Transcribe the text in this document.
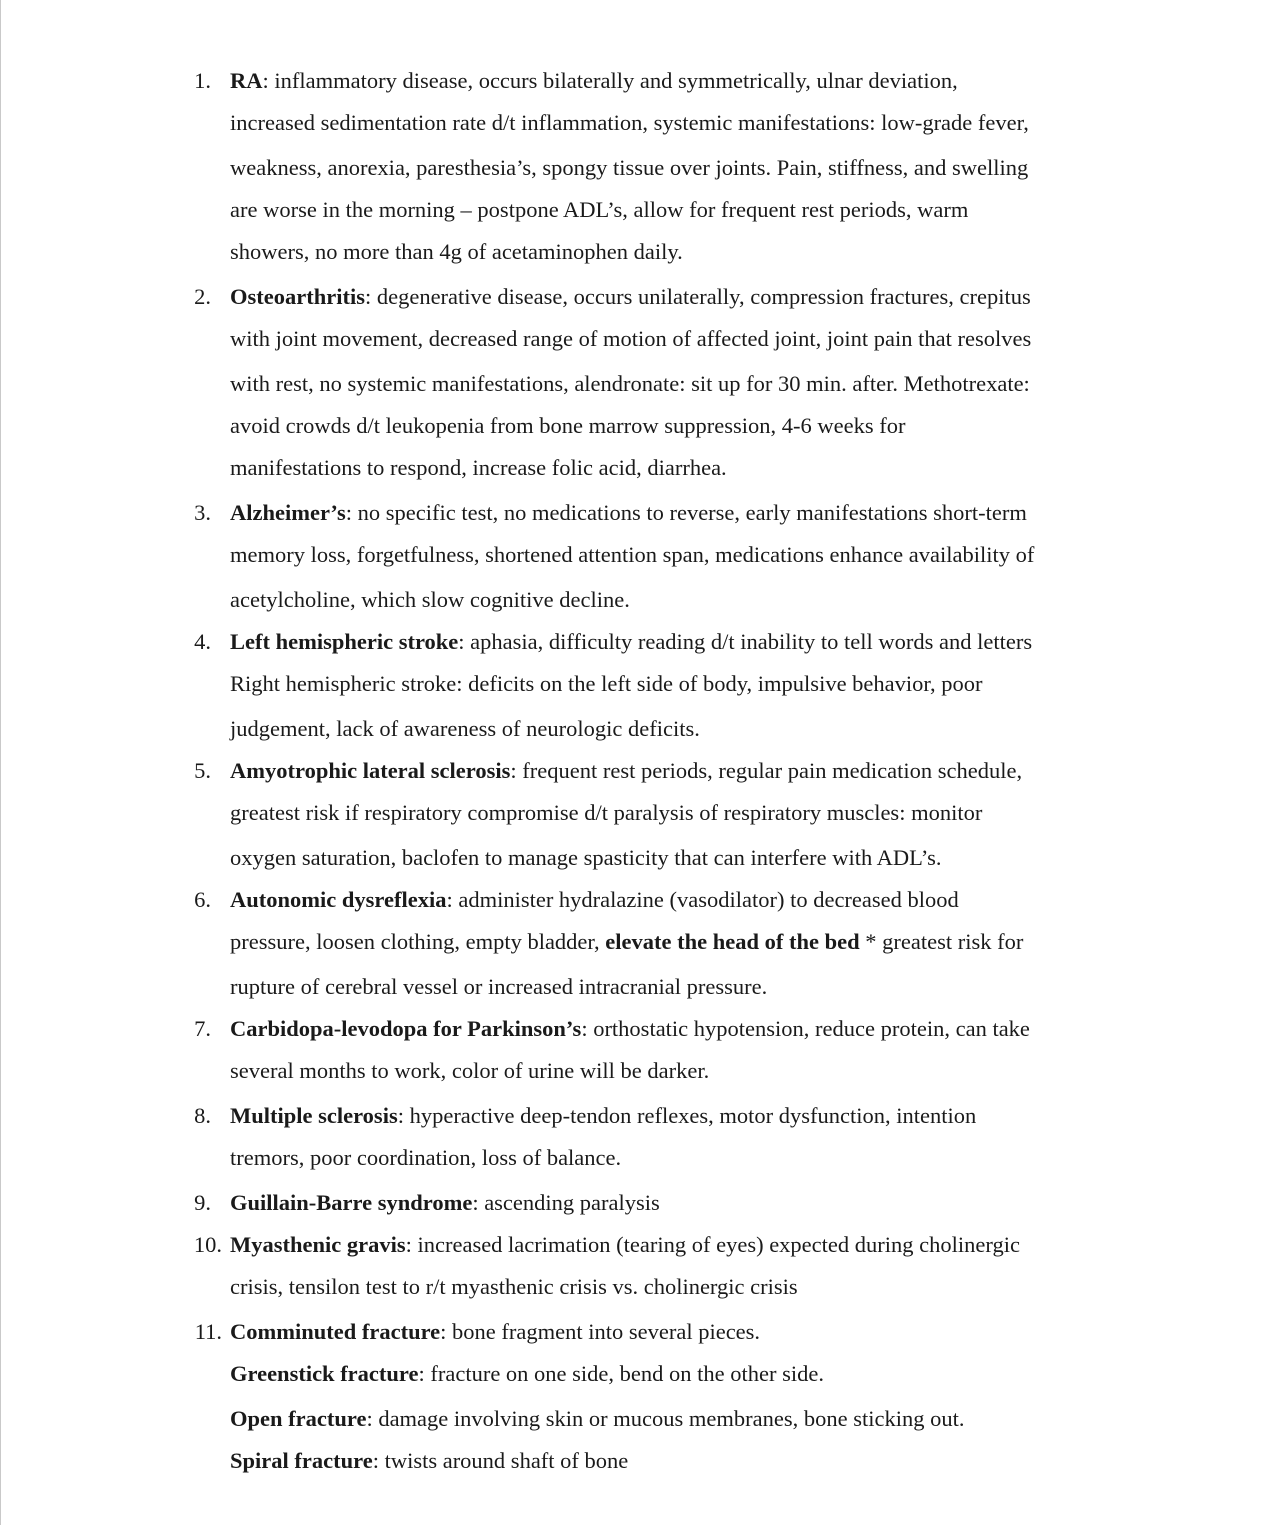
1. RA: inflammatory disease, occurs bilaterally and symmetrically, ulnar deviation,
increased sedimentation rate d/t inflammation, systemic manifestations: low-grade fever,
weakness, anorexia, paresthesia’s, spongy tissue over joints. Pain, stiffness, and swelling
are worse in the morning – postpone ADL’s, allow for frequent rest periods, warm
showers, no more than 4g of acetaminophen daily.
2. Osteoarthritis: degenerative disease, occurs unilaterally, compression fractures, crepitus
with joint movement, decreased range of motion of affected joint, joint pain that resolves
with rest, no systemic manifestations, alendronate: sit up for 30 min. after. Methotrexate:
avoid crowds d/t leukopenia from bone marrow suppression, 4-6 weeks for
manifestations to respond, increase folic acid, diarrhea.
3. Alzheimer’s: no specific test, no medications to reverse, early manifestations short-term
memory loss, forgetfulness, shortened attention span, medications enhance availability of
acetylcholine, which slow cognitive decline.
4. Left hemispheric stroke: aphasia, difficulty reading d/t inability to tell words and letters
Right hemispheric stroke: deficits on the left side of body, impulsive behavior, poor
judgement, lack of awareness of neurologic deficits.
5. Amyotrophic lateral sclerosis: frequent rest periods, regular pain medication schedule,
greatest risk if respiratory compromise d/t paralysis of respiratory muscles: monitor
oxygen saturation, baclofen to manage spasticity that can interfere with ADL’s.
6. Autonomic dysreflexia: administer hydralazine (vasodilator) to decreased blood
pressure, loosen clothing, empty bladder, elevate the head of the bed * greatest risk for
rupture of cerebral vessel or increased intracranial pressure.
7. Carbidopa-levodopa for Parkinson’s: orthostatic hypotension, reduce protein, can take
several months to work, color of urine will be darker.
8. Multiple sclerosis: hyperactive deep-tendon reflexes, motor dysfunction, intention
tremors, poor coordination, loss of balance.
9. Guillain-Barre syndrome: ascending paralysis
10. Myasthenic gravis: increased lacrimation (tearing of eyes) expected during cholinergic
crisis, tensilon test to r/t myasthenic crisis vs. cholinergic crisis
11. Comminuted fracture: bone fragment into several pieces.
Greenstick fracture: fracture on one side, bend on the other side.
Open fracture: damage involving skin or mucous membranes, bone sticking out.
Spiral fracture: twists around shaft of bone
